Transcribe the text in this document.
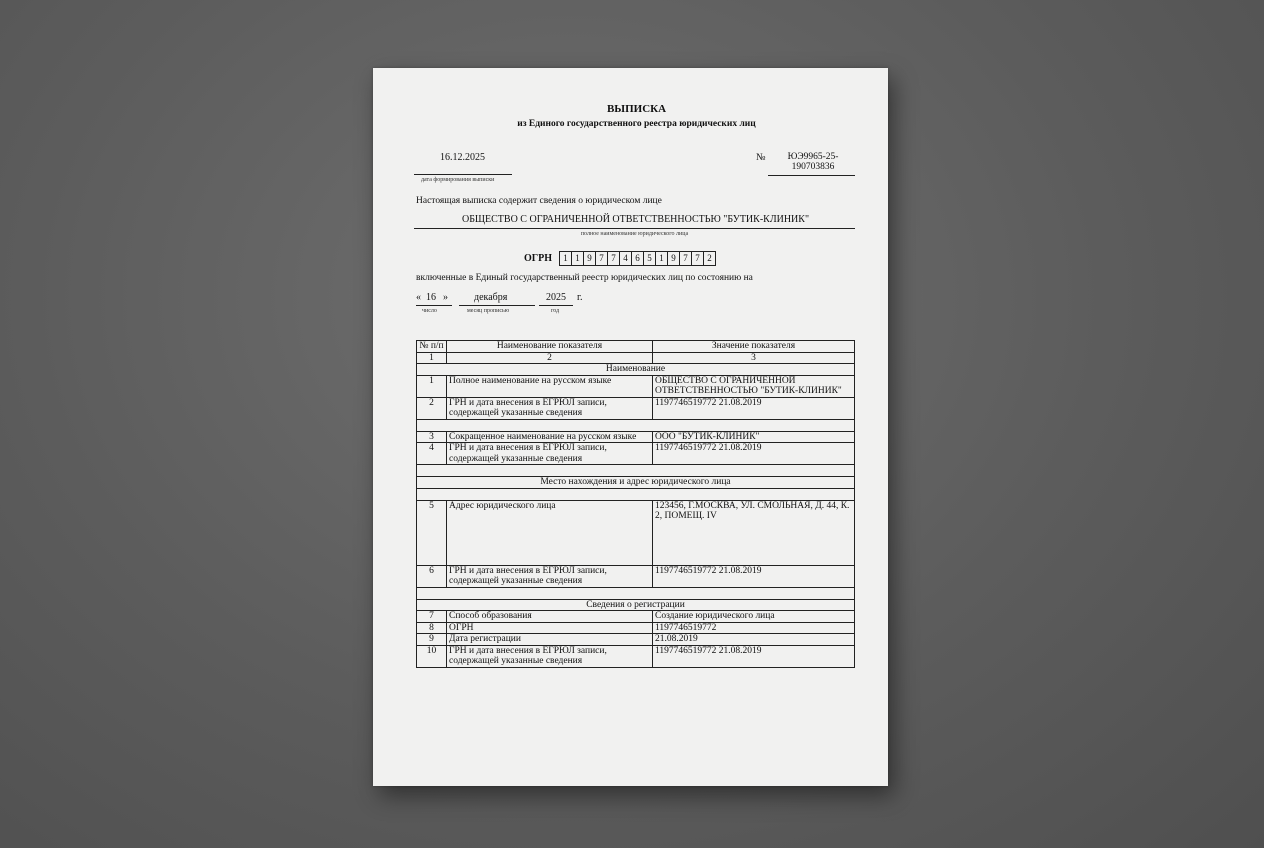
ВЫПИСКА
из Единого государственного реестра юридических лиц
16.12.2025
дата формирования выписки
№	ЮЭ9965-25-190703836
Настоящая выписка содержит сведения о юридическом лице
ОБЩЕСТВО С ОГРАНИЧЕННОЙ ОТВЕТСТВЕННОСТЬЮ "БУТИК-КЛИНИК"
полное наименование юридического лица
ОГРН	1 1 9 7 7 4 6 5 1 9 7 7 2
включенные в Единый государственный реестр юридических лиц по состоянию на
« 16 »
число
декабря
месяц прописью
2025 г.
год
№ п/п	Наименование показателя	Значение показателя
1	2	3
Наименование		
1	Полное наименование на русском языке	ОБЩЕСТВО С ОГРАНИЧЕННОЙ ОТВЕТСТВЕННОСТЬЮ "БУТИК-КЛИНИК"
2	ГРН и дата внесения в ЕГРЮЛ записи, содержащей указанные сведения	1197746519772 21.08.2019

3	Сокращенное наименование на русском языке	ООО "БУТИК-КЛИНИК"
4	ГРН и дата внесения в ЕГРЮЛ записи, содержащей указанные сведения	1197746519772 21.08.2019

Место нахождения и адрес юридического лица		

5	Адрес юридического лица	123456, Г.МОСКВА, УЛ. СМОЛЬНАЯ, Д. 44, К. 2, ПОМЕЩ. IV
6	ГРН и дата внесения в ЕГРЮЛ записи, содержащей указанные сведения	1197746519772 21.08.2019

Сведения о регистрации		
7	Способ образования	Создание юридического лица
8	ОГРН	1197746519772
9	Дата регистрации	21.08.2019
10	ГРН и дата внесения в ЕГРЮЛ записи, содержащей указанные сведения	1197746519772 21.08.2019
